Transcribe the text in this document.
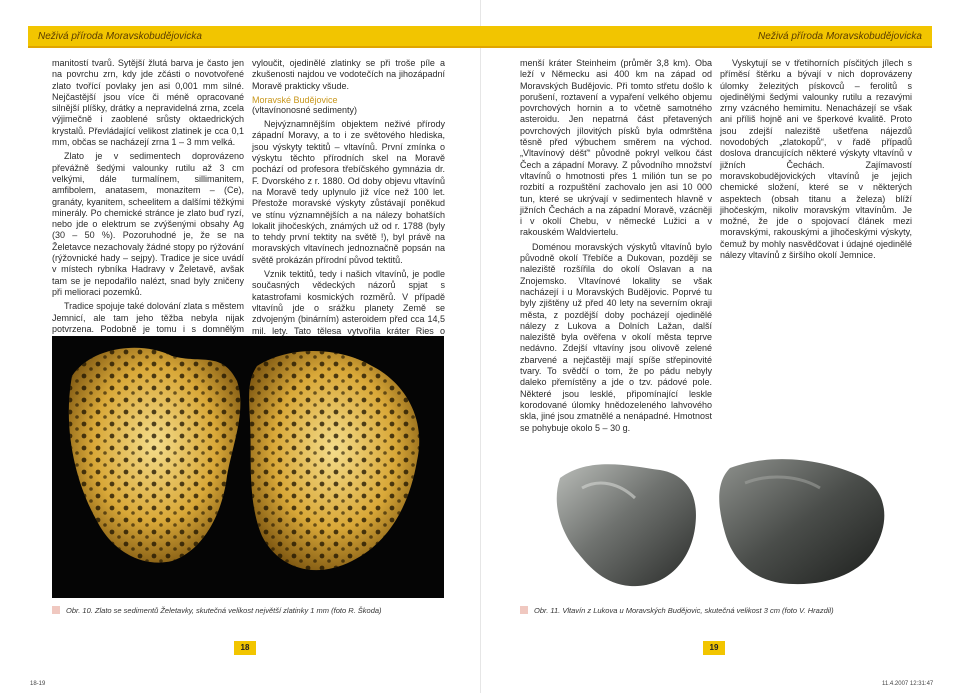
Neživá příroda Moravskobudějovicka	Neživá příroda Moravskobudějovicka

manitostí tvarů. Sytější žlutá barva je často jen na povrchu zrn, kdy jde zčásti o novotvořené zlato tvořící povlaky jen asi 0,001 mm silné. Nejčastější jsou více či méně opracované silnější plíšky, drátky a nepravidelná zrna, zcela výjimečně i zaoblené srůsty oktaedrických krystalů. Převládající velikost zlatinek je cca 0,1 mm, občas se nacházejí zrna 1 – 3 mm velká.

Zlato je v sedimentech doprovázeno převážně šedými valounky rutilu až 3 cm velkými, dále turmalínem, sillimanitem, amfibolem, anatasem, monazitem – (Ce), granáty, kyanitem, scheelitem a dalšími těžkými minerály. Po chemické stránce je zlato buď ryzí, nebo jde o elektrum se zvýšenými obsahy Ag (30 – 50 %). Pozoruhodné je, že se na Želetavce nezachovaly žádné stopy po rýžování (rýžovnické hady – sejpy). Tradice je sice uvádí v místech rybníka Hadravy v Želetavě, avšak tam se je nepodařilo nalézt, snad byly zničeny při melioraci pozemků.

Tradice spojuje také dolování zlata s městem Jemnicí, ale tam jeho těžba nebyla nijak potvrzena. Podobně je tomu i s domnělým

vyloučit, ojedinělé zlatinky se při troše píle a zkušenosti najdou ve vodotečích na jihozápadní Moravě prakticky všude.

Moravské Budějovice
(vltavínonosné sedimenty)

Nejvýznamnějším objektem neživé přírody západní Moravy, a to i ze světového hlediska, jsou výskyty tektitů – vltavínů. První zmínka o výskytu těchto přírodních skel na Moravě pochází od profesora třebíčského gymnázia dr. F. Dvorského z r. 1880. Od doby objevu vltavínů na Moravě tedy uplynulo již více než 100 let. Přestože moravské výskyty zůstávají poněkud ve stínu významnějších a na nálezy bohatších lokalit jihočeských, známých už od r. 1788 (byly to tehdy první tektity na světě !), byl právě na moravských vltavínech jednoznačně popsán na světě prokázán přírodní původ tektitů.

Vznik tektitů, tedy i našich vltavínů, je podle současných vědeckých názorů spjat s katastrofami kosmických rozměrů. V případě vltavínů jde o srážku planety Země se zdvojeným (binárním) asteroidem před cca 14,5 mil. lety. Tato tělesa vytvořila kráter Ries o

Obr. 10. Zlato se sedimentů Želetavky, skutečná velikost největší zlatinky 1 mm (foto R. Škoda)
18

menší kráter Steinheim (průměr 3,8 km). Oba leží v Německu asi 400 km na západ od Moravských Budějovic. Při tomto střetu došlo k porušení, roztavení a vypaření velkého objemu povrchových hornin a to včetně samotného asteroidu. Jen nepatrná část přetavených povrchových jílovitých písků byla odmrštěna těsně před výbuchem směrem na východ. „Vltavínový déšť“ původně pokryl velkou část Čech a západní Moravy. Z původního množství vltavínů o hmotnosti přes 1 milión tun se po rozbití a rozpuštění zachovalo jen asi 10 000 tun, které se ukrývají v sedimentech hlavně v jižních Čechách a na západní Moravě, vzácněji i v okolí Chebu, v německé Lužici a v rakouském Waldviertelu.

Doménou moravských výskytů vltavínů bylo původně okolí Třebíče a Dukovan, později se naleziště rozšířila do okolí Oslavan a na Znojemsko. Vltavínové lokality se však nacházejí i u Moravských Budějovic. Poprvé tu byly zjištěny už před 40 lety na severním okraji města, z pozdější doby pocházejí ojedinělé nálezy z Lukova a Dolních Lažan, další naleziště byla ověřena v okolí města teprve nedávno. Zdejší vltavíny jsou olivově zelené zbarvené a nejčastěji mají spíše střepinovité tvary. To svědčí o tom, že po pádu nebyly daleko přemístěny a jde o tzv. pádové pole. Některé jsou lesklé, připomínající leskle korodované úlomky hnědozeleného lahvového skla, jiné jsou zmatnělé a nenápadné. Hmotnost se pohybuje okolo 5 – 30 g.

Vyskytují se v třetihorních písčitých jílech s příměsí štěrku a bývají v nich doprovázeny úlomky železitých pískovců – ferolitů s ojedinělými šedými valounky rutilu a rezavými zrny vzácného hemimitu. Nenacházejí se však ani příliš hojně ani ve šperkové kvalitě. Proto jsou zdejší naleziště ušetřena nájezdů novodobých „zlatokopů“, v řadě případů doslova drancujících některé výskyty vltavínů v jižních Čechách. Zajímavostí moravskobudějovických vltavínů je jejich chemické složení, které se v některých aspektech (obsah titanu a železa) blíží jihočeským, nikoliv moravským vltavínům. Je možné, že jde o spojovací článek mezi moravskými, rakouskými a jihočeskými výskyty, čemuž by mohly nasvědčovat i údajné ojedinělé nálezy vltavínů z širšího okolí Jemnice.

Obr. 11. Vltavín z Lukova u Moravských Budějovic, skutečná velikost 3 cm (foto V. Hrazdil)
19
18-19	11.4.2007 12:31:47
